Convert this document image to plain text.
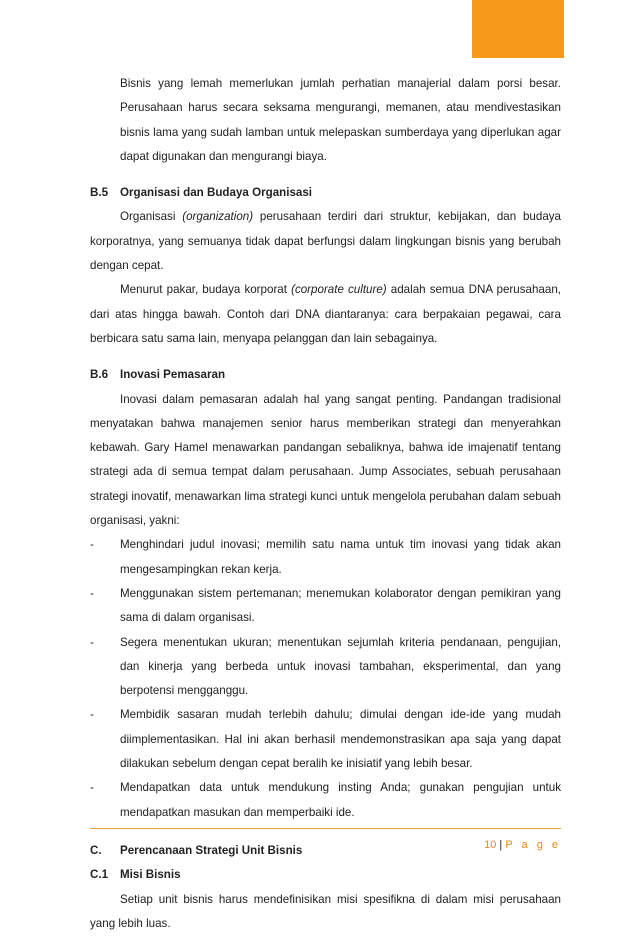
Bisnis yang lemah memerlukan jumlah perhatian manajerial dalam porsi besar. Perusahaan harus secara seksama mengurangi, memanen, atau mendivestasikan bisnis lama yang sudah lamban untuk melepaskan sumberdaya yang diperlukan agar dapat digunakan dan mengurangi biaya.

B.5	Organisasi dan Budaya Organisasi

Organisasi (organization) perusahaan terdiri dari struktur, kebijakan, dan budaya korporatnya, yang semuanya tidak dapat berfungsi dalam lingkungan bisnis yang berubah dengan cepat.

Menurut pakar, budaya korporat (corporate culture) adalah semua DNA perusahaan, dari atas hingga bawah. Contoh dari DNA diantaranya: cara berpakaian pegawai, cara berbicara satu sama lain, menyapa pelanggan dan lain sebagainya.

B.6	Inovasi Pemasaran

Inovasi dalam pemasaran adalah hal yang sangat penting. Pandangan tradisional menyatakan bahwa manajemen senior harus memberikan strategi dan menyerahkan kebawah. Gary Hamel menawarkan pandangan sebaliknya, bahwa ide imajenatif tentang strategi ada di semua tempat dalam perusahaan. Jump Associates, sebuah perusahaan strategi inovatif, menawarkan lima strategi kunci untuk mengelola perubahan dalam sebuah organisasi, yakni:

-	Menghindari judul inovasi; memilih satu nama untuk tim inovasi yang tidak akan mengesampingkan rekan kerja.
-	Menggunakan sistem pertemanan; menemukan kolaborator dengan pemikiran yang sama di dalam organisasi.
-	Segera menentukan ukuran; menentukan sejumlah kriteria pendanaan, pengujian, dan kinerja yang berbeda untuk inovasi tambahan, eksperimental, dan yang berpotensi mengganggu.
-	Membidik sasaran mudah terlebih dahulu; dimulai dengan ide-ide yang mudah diimplementasikan. Hal ini akan berhasil mendemonstrasikan apa saja yang dapat dilakukan sebelum dengan cepat beralih ke inisiatif yang lebih besar.
-	Mendapatkan data untuk mendukung insting Anda; gunakan pengujian untuk mendapatkan masukan dan memperbaiki ide.
C.	Perencanaan Strategi Unit Bisnis
C.1	Misi Bisnis

Setiap unit bisnis harus mendefinisikan misi spesifikna di dalam misi perusahaan yang lebih luas.

10 | P a g e
